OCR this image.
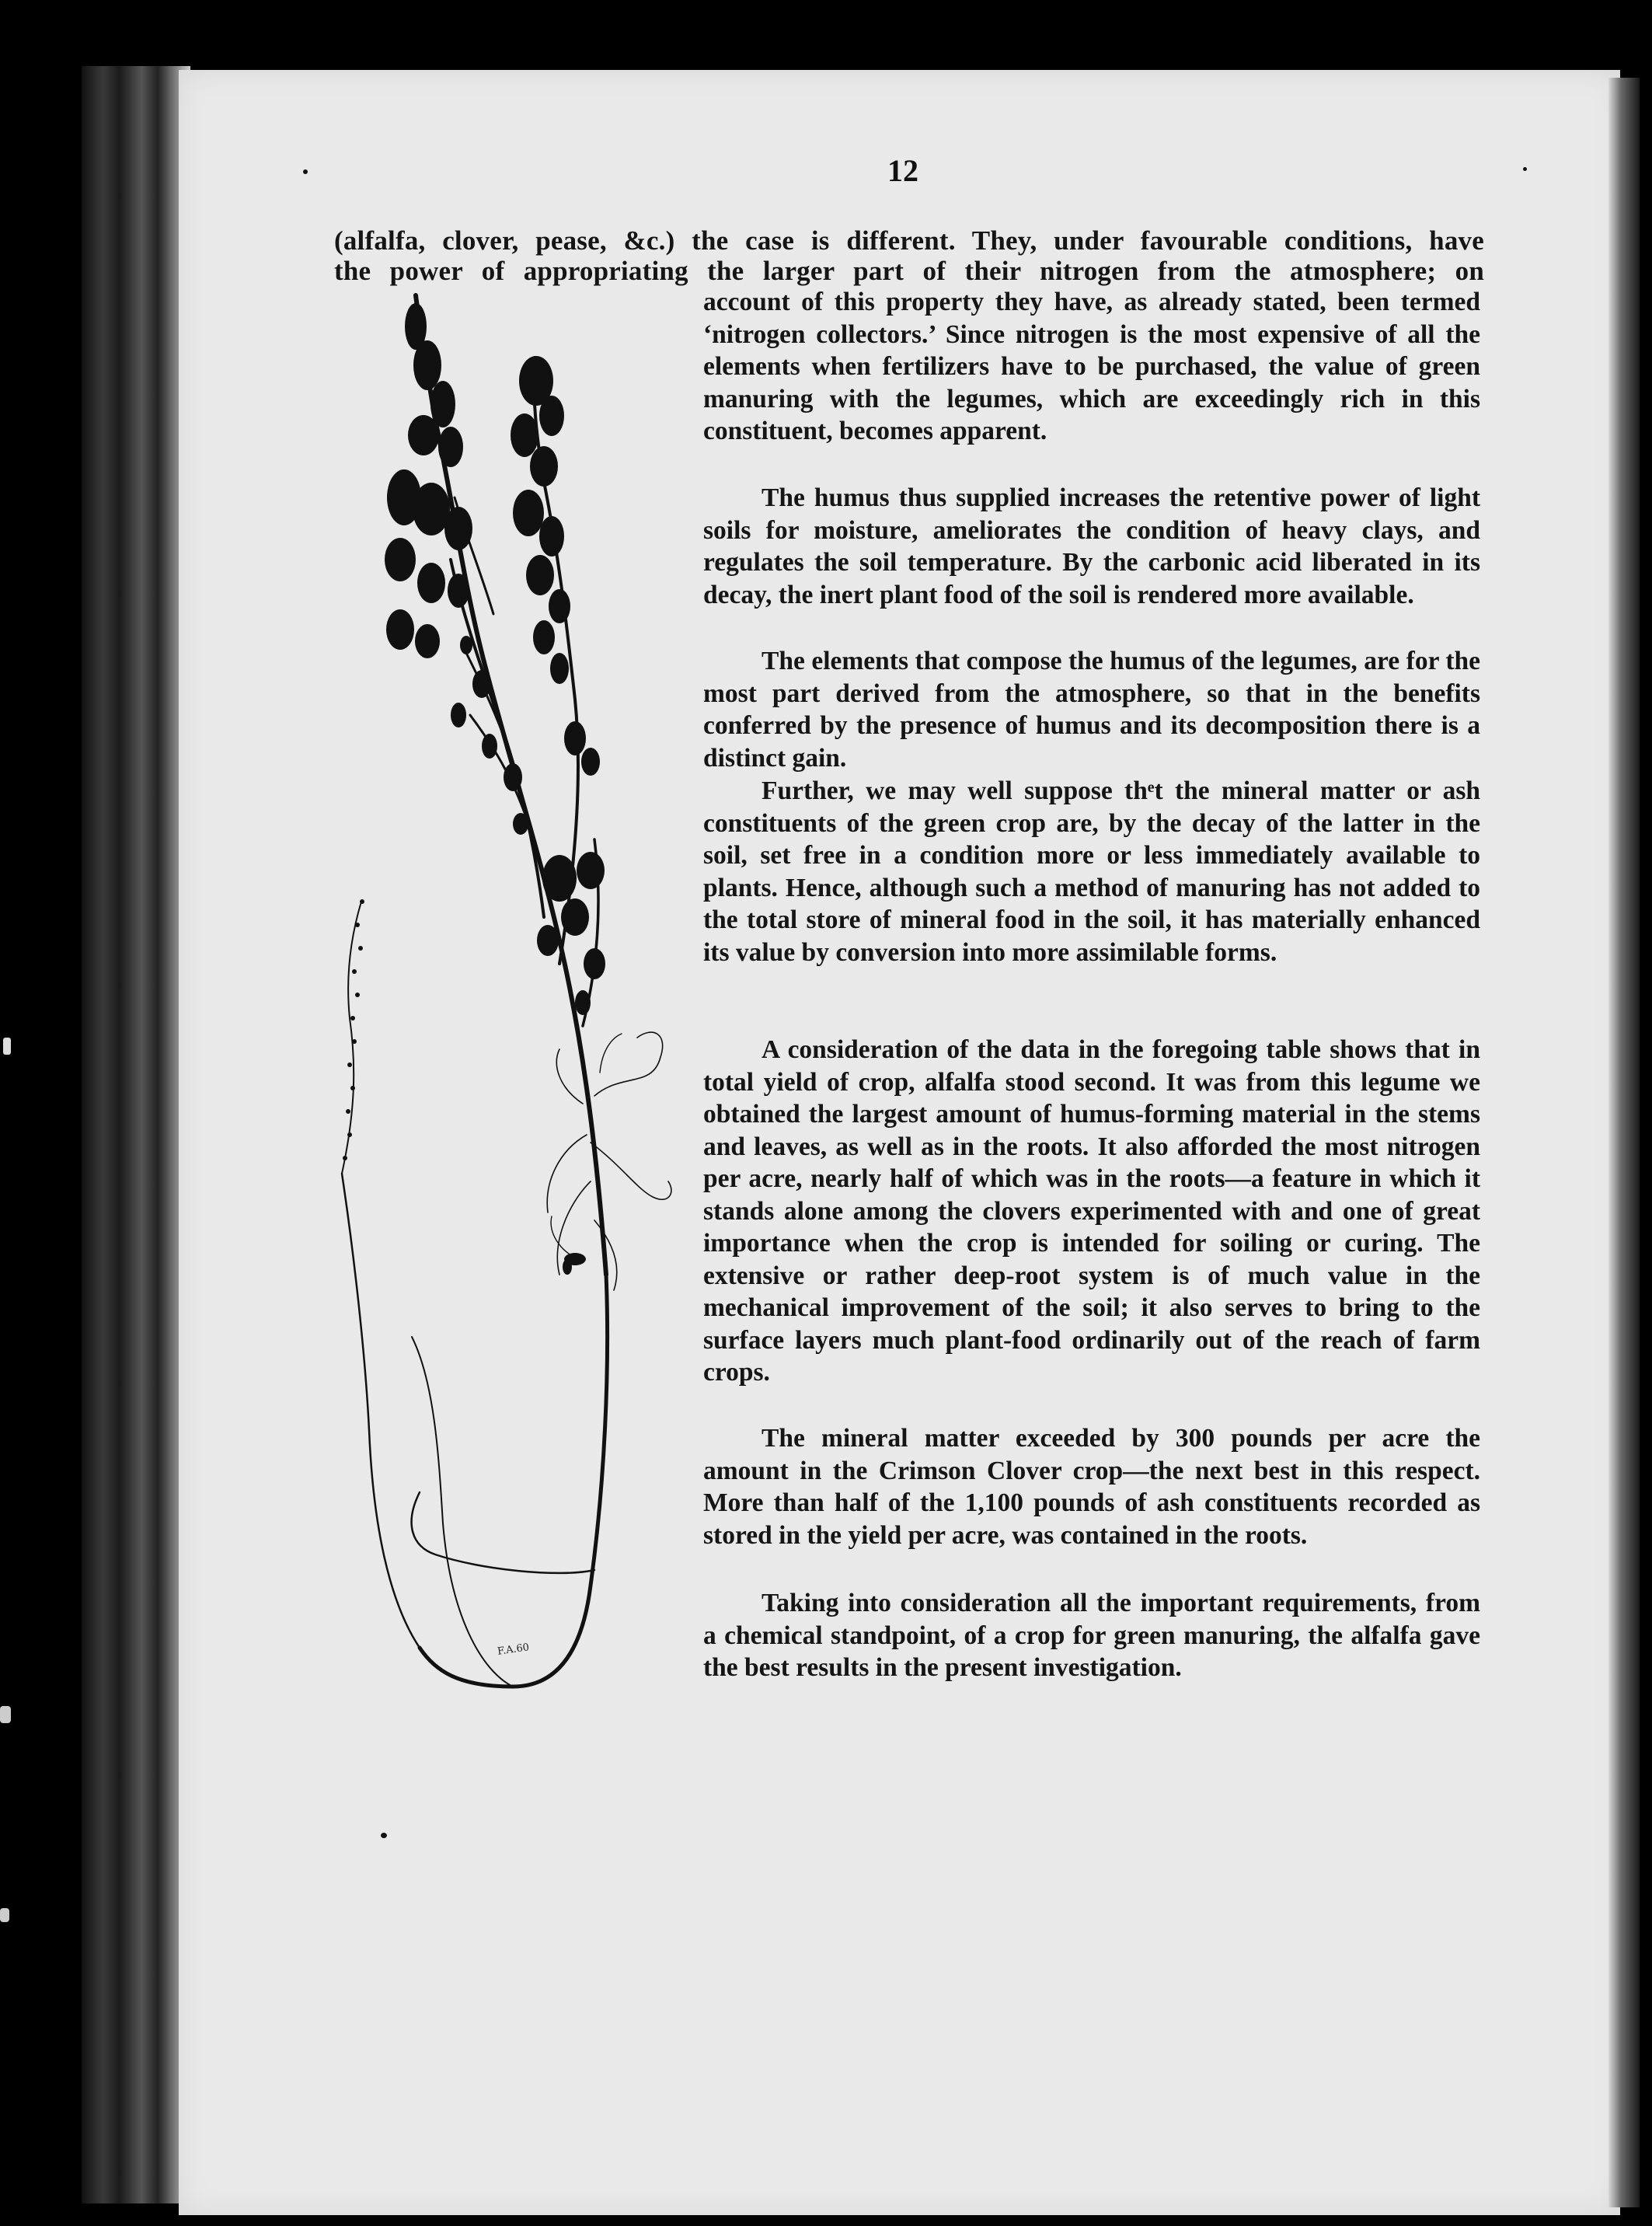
12

(alfalfa, clover, pease, &c.) the case is different. They, under favourable conditions, have

the power of appropriating the larger part of their nitrogen from the atmosphere; on

account of this property they have, as already stated, been termed ‘nitrogen collectors.’ Since nitrogen is the most expensive of all the elements when fertilizers have to be purchased, the value of green manuring with the legumes, which are exceedingly rich in this constituent, becomes apparent.

The humus thus supplied increases the retentive power of light soils for moisture, ameliorates the condition of heavy clays, and regulates the soil temperature. By the carbonic acid liberated in its decay, the inert plant food of the soil is rendered more available.

The elements that compose the humus of the legumes, are for the most part derived from the atmosphere, so that in the benefits conferred by the presence of humus and its decomposition there is a distinct gain.

Further, we may well suppose thᵉt the mineral matter or ash constituents of the green crop are, by the decay of the latter in the soil, set free in a condition more or less immediately available to plants. Hence, although such a method of manuring has not added to the total store of mineral food in the soil, it has materially enhanced its value by conversion into more assimilable forms.

A consideration of the data in the foregoing table shows that in total yield of crop, alfalfa stood second. It was from this legume we obtained the largest amount of humus-forming material in the stems and leaves, as well as in the roots. It also afforded the most nitrogen per acre, nearly half of which was in the roots—a feature in which it stands alone among the clovers experimented with and one of great importance when the crop is intended for soiling or curing. The extensive or rather deep-root system is of much value in the mechanical improvement of the soil; it also serves to bring to the surface layers much plant-food ordinarily out of the reach of farm crops.

The mineral matter exceeded by 300 pounds per acre the amount in the Crimson Clover crop—the next best in this respect. More than half of the 1,100 pounds of ash constituents recorded as stored in the yield per acre, was contained in the roots.

Taking into consideration all the important requirements, from a chemical standpoint, of a crop for green manuring, the alfalfa gave the best results in the present investigation.

F.A.60
